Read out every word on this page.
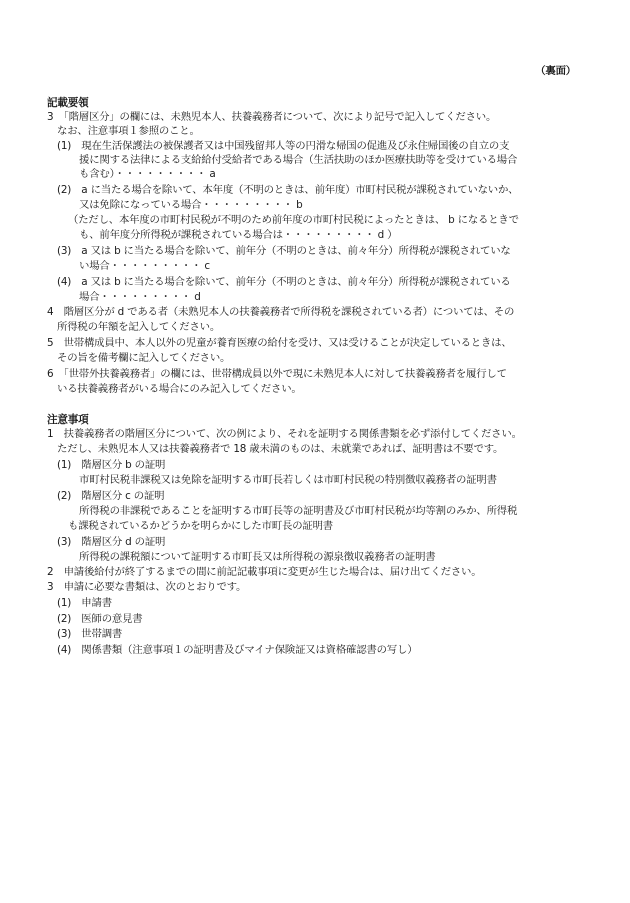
（裏面）
記載要領
3　「階層区分」の欄には、未熟児本人、扶養義務者について、次により記号で記入してください。
なお、注意事項１参照のこと。
(1)　現在生活保護法の被保護者又は中国残留邦人等の円滑な帰国の促進及び永住帰国後の自立の支
援に関する法律による支給給付受給者である場合（生活扶助のほか医療扶助等を受けている場合
も含む）・・・・・・・・・ a
(2)　a に当たる場合を除いて、本年度（不明のときは、前年度）市町村民税が課税されていないか、
又は免除になっている場合・・・・・・・・・ b
（ただし、本年度の市町村民税が不明のため前年度の市町村民税によったときは、 b になるときで
も、前年度分所得税が課税されている場合は・・・・・・・・・ d ）
(3)　a 又は b に当たる場合を除いて、前年分（不明のときは、前々年分）所得税が課税されていな
い場合・・・・・・・・・ c
(4)　a 又は b に当たる場合を除いて、前年分（不明のときは、前々年分）所得税が課税されている
場合・・・・・・・・・ d
4　階層区分が d である者（未熟児本人の扶養義務者で所得税を課税されている者）については、その
所得税の年額を記入してください。
5　世帯構成員中、本人以外の児童が養育医療の給付を受け、又は受けることが決定しているときは、
その旨を備考欄に記入してください。
6　「世帯外扶養義務者」の欄には、世帯構成員以外で現に未熟児本人に対して扶養義務者を履行して
いる扶養義務者がいる場合にのみ記入してください。
注意事項
1　扶養義務者の階層区分について、次の例により、それを証明する関係書類を必ず添付してください。
ただし、未熟児本人又は扶養義務者で 18 歳未満のものは、未就業であれば、証明書は不要です。
(1)　階層区分 b の証明
市町村民税非課税又は免除を証明する市町長若しくは市町村民税の特別徴収義務者の証明書
(2)　階層区分 c の証明
所得税の非課税であることを証明する市町長等の証明書及び市町村民税が均等割のみか、所得税
も課税されているかどうかを明らかにした市町長の証明書
(3)　階層区分 d の証明
所得税の課税額について証明する市町長又は所得税の源泉徴収義務者の証明書
2　申請後給付が終了するまでの間に前記記載事項に変更が生じた場合は、届け出てください。
3　申請に必要な書類は、次のとおりです。
(1)　申請書
(2)　医師の意見書
(3)　世帯調書
(4)　関係書類（注意事項１の証明書及びマイナ保険証又は資格確認書の写し）
